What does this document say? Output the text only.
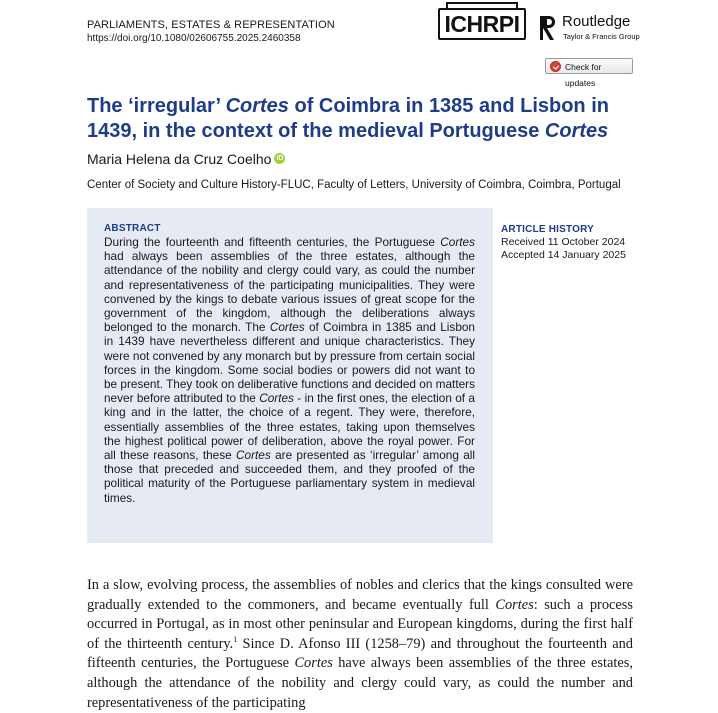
PARLIAMENTS, ESTATES & REPRESENTATION
https://doi.org/10.1080/02606755.2025.2460358
ICHRPI	Routledge
Taylor & Francis Group
Check for updates
The ‘irregular’ Cortes of Coimbra in 1385 and Lisbon in 1439, in the context of the medieval Portuguese Cortes
Maria Helena da Cruz Coelho iD
Center of Society and Culture History-FLUC, Faculty of Letters, University of Coimbra, Coimbra, Portugal
ABSTRACT

During the fourteenth and fifteenth centuries, the Portuguese Cortes had always been assemblies of the three estates, although the attendance of the nobility and clergy could vary, as could the number and representativeness of the participating municipalities. They were convened by the kings to debate various issues of great scope for the government of the kingdom, although the deliberations always belonged to the monarch. The Cortes of Coimbra in 1385 and Lisbon in 1439 have nevertheless different and unique characteristics. They were not convened by any monarch but by pressure from certain social forces in the kingdom. Some social bodies or powers did not want to be present. They took on deliberative functions and decided on matters never before attributed to the Cortes - in the first ones, the election of a king and in the latter, the choice of a regent. They were, therefore, essentially assemblies of the three estates, taking upon themselves the highest political power of deliberation, above the royal power. For all these reasons, these Cortes are presented as ‘irregular’ among all those that preceded and succeeded them, and they proofed of the political maturity of the Portuguese parliamentary system in medieval times.

ARTICLE HISTORY
Received 11 October 2024
Accepted 14 January 2025

In a slow, evolving process, the assemblies of nobles and clerics that the kings consulted were gradually extended to the commoners, and became eventually full Cortes: such a process occurred in Portugal, as in most other peninsular and European kingdoms, during the first half of the thirteenth century.$^1$ Since D. Afonso III (1258–79) and throughout the fourteenth and fifteenth centuries, the Portuguese Cortes have always been assemblies of the three estates, although the attendance of the nobility and clergy could vary, as could the number and representativeness of the participating
